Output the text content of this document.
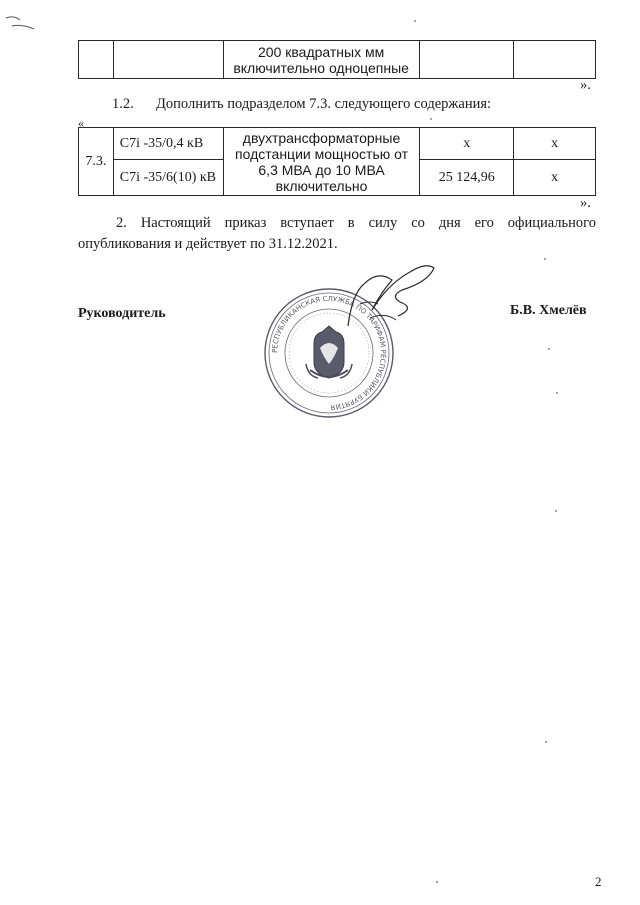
200 квадратных мм
включительно одноцепные

».
1.2. Дополнить подразделом 7.3. следующего содержания:
«
7.3.	С7i -35/0,4 кВ	двухтрансформаторные
подстанции мощностью от
6,3 МВА до 10 МВА
включительно	х	х
	С7i -35/6(10) кВ		25 124,96	х
».
2. Настоящий приказ вступает в силу со дня его официального
опубликования и действует по 31.12.2021.
Руководитель	Б.В. Хмелёв
РЕСПУБЛИКАНСКАЯ СЛУЖБА ПО ТАРИФАМ РЕСПУБЛИКИ БУРЯТИЯ
2
